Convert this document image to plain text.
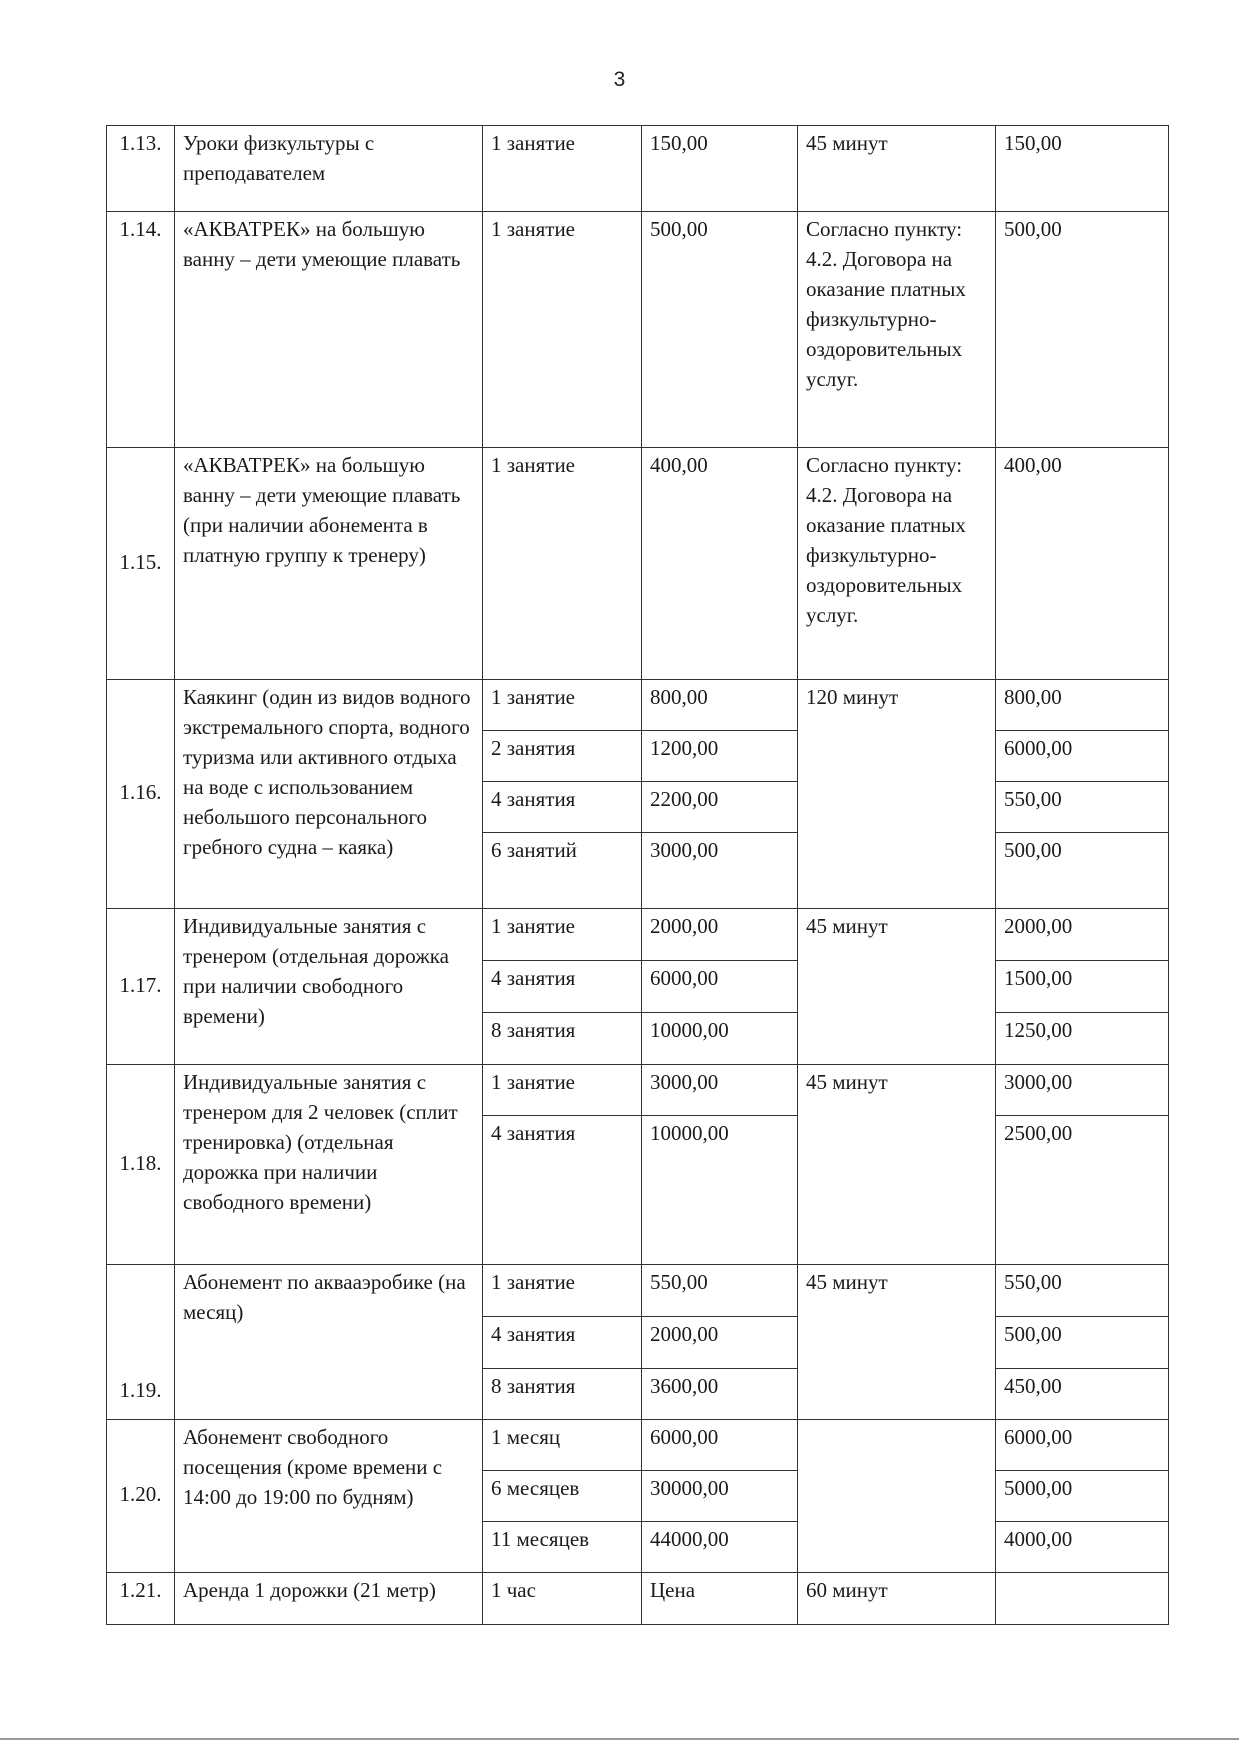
3
1.13.	Уроки физкультуры с преподавателем	1 занятие	150,00	45 минут	150,00
1.14.	«АКВАТРЕК» на большую ванну – дети умеющие плавать	1 занятие	500,00	Согласно пункту: 4.2. Договора на оказание платных физкультурно-оздоровительных услуг.	500,00
1.15.	«АКВАТРЕК» на большую ванну – дети умеющие плавать (при наличии абонемента в платную группу к тренеру)	1 занятие	400,00	Согласно пункту: 4.2. Договора на оказание платных физкультурно-оздоровительных услуг.	400,00
1.16.	Каякинг (один из видов водного экстремального спорта, водного туризма или активного отдыха на воде с использованием небольшого персонального гребного судна – каяка)	1 занятие	800,00	120 минут	800,00
		2 занятия	1200,00		6000,00
		4 занятия	2200,00		550,00
		6 занятий	3000,00		500,00
1.17.	Индивидуальные занятия с тренером (отдельная дорожка при наличии свободного времени)	1 занятие	2000,00	45 минут	2000,00
		4 занятия	6000,00		1500,00
		8 занятия	10000,00		1250,00
1.18.	Индивидуальные занятия с тренером для 2 человек (сплит тренировка) (отдельная дорожка при наличии свободного времени)	1 занятие	3000,00	45 минут	3000,00
		4 занятия	10000,00		2500,00
1.19.	Абонемент по аквааэробике (на месяц)	1 занятие	550,00	45 минут	550,00
		4 занятия	2000,00		500,00
		8 занятия	3600,00		450,00
1.20.	Абонемент свободного посещения (кроме времени с 14:00 до 19:00 по будням)	1 месяц	6000,00		6000,00
		6 месяцев	30000,00		5000,00
		11 месяцев	44000,00		4000,00
1.21.	Аренда 1 дорожки (21 метр)	1 час	Цена	60 минут	
